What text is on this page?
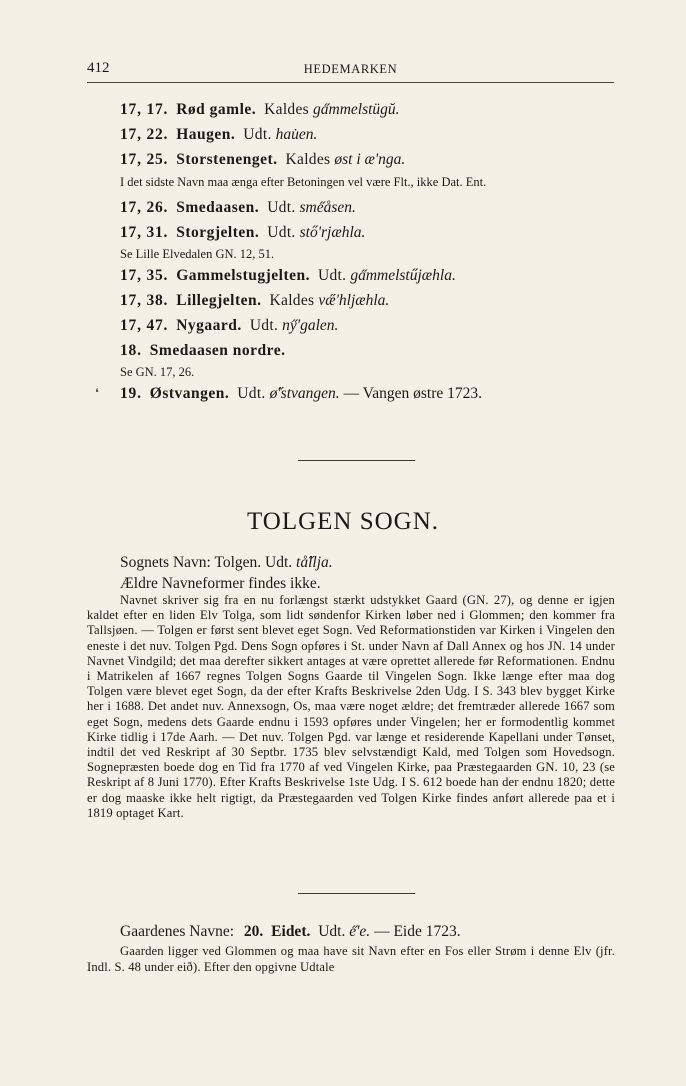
412	HEDEMARKEN
17, 17. Rød gamle. Kaldes ga̋mmelstügŭ.
17, 22. Haugen. Udt. hau̇en.
17, 25. Storstenenget. Kaldes øst i æ'nga.
I det sidste Navn maa ænga efter Betoningen vel være Flt., ikke Dat. Ent.
17, 26. Smedaasen. Udt. sme̋åsen.
17, 31. Storgjelten. Udt. stő'rjæhla.
Se Lille Elvedalen GN. 12, 51.
17, 35. Gammelstugjelten. Udt. ga̋mmelstűjæhla.
17, 38. Lillegjelten. Kaldes væ̋'hljæhla.
17, 47. Nygaard. Udt. ny̋'galen.
18. Smedaasen nordre.
Se GN. 17, 26.
❛ 19. Østvangen. Udt. ø̋'stvangen. — Vangen østre 1723.
TOLGEN SOGN.
Sognets Navn: Tolgen. Udt. tå̋llja.
Ældre Navneformer findes ikke.
Navnet skriver sig fra en nu forlængst stærkt udstykket Gaard (GN. 27), og denne er igjen kaldet efter en liden Elv Tolga, som lidt søndenfor Kirken løber ned i Glommen; den kommer fra Tallsjøen. — Tolgen er først sent blevet eget Sogn. Ved Reformationstiden var Kirken i Vingelen den eneste i det nuv. Tolgen Pgd. Dens Sogn opføres i St. under Navn af Dall Annex og hos JN. 14 under Navnet Vindgild; det maa derefter sikkert antages at være oprettet allerede før Reformationen. Endnu i Matrikelen af 1667 regnes Tolgen Sogns Gaarde til Vingelen Sogn. Ikke længe efter maa dog Tolgen være blevet eget Sogn, da der efter Krafts Beskrivelse 2den Udg. I S. 343 blev bygget Kirke her i 1688. Det andet nuv. Annexsogn, Os, maa være noget ældre; det fremtræder allerede 1667 som eget Sogn, medens dets Gaarde endnu i 1593 opføres under Vingelen; her er formodentlig kommet Kirke tidlig i 17de Aarh. — Det nuv. Tolgen Pgd. var længe et residerende Kapellani under Tønset, indtil det ved Reskript af 30 Septbr. 1735 blev selvstændigt Kald, med Tolgen som Hovedsogn. Sognepræsten boede dog en Tid fra 1770 af ved Vingelen Kirke, paa Præstegaarden GN. 10, 23 (se Reskript af 8 Juni 1770). Efter Krafts Beskrivelse 1ste Udg. I S. 612 boede han der endnu 1820; dette er dog maaske ikke helt rigtigt, da Præstegaarden ved Tolgen Kirke findes anført allerede paa et i 1819 optaget Kart.
Gaardenes Navne: 20. Eidet. Udt. e̋'e. — Eide 1723.
Gaarden ligger ved Glommen og maa have sit Navn efter en Fos eller Strøm i denne Elv (jfr. Indl. S. 48 under eið). Efter den opgivne Udtale
